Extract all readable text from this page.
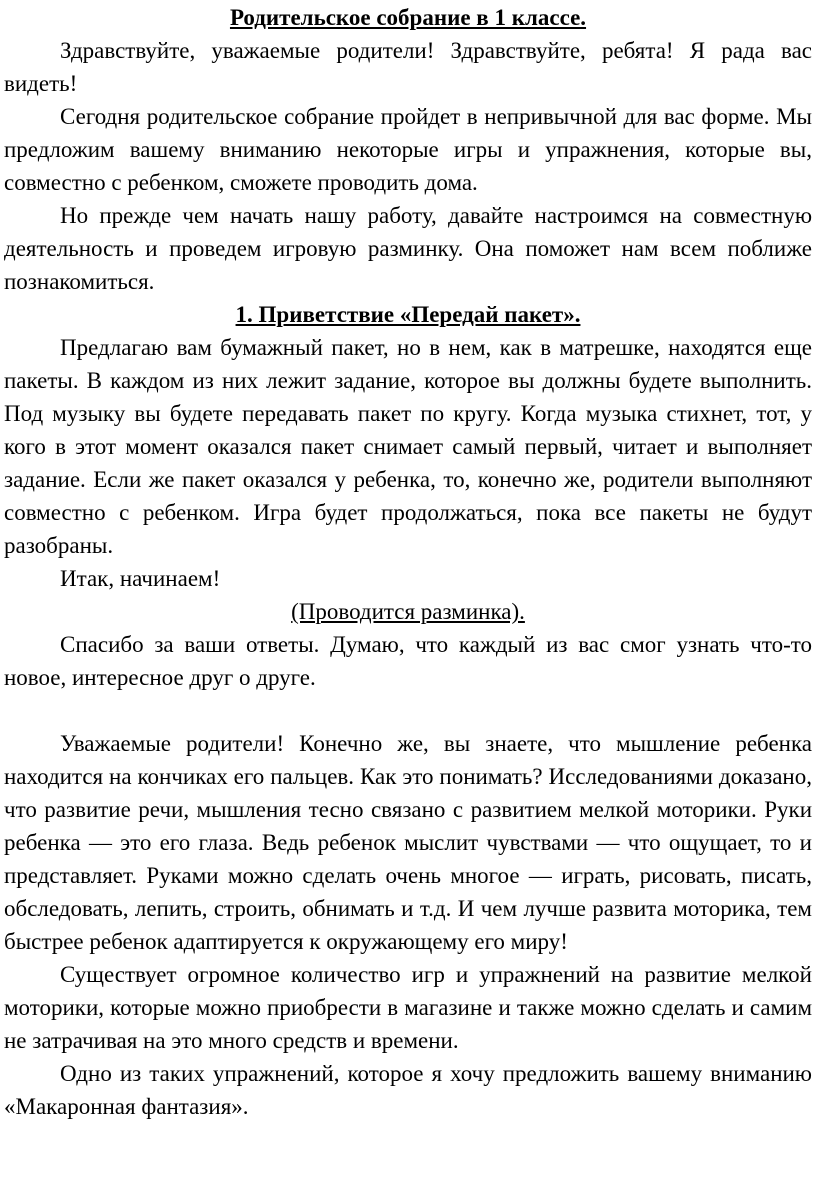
Родительское собрание в 1 классе.

Здравствуйте, уважаемые родители! Здравствуйте, ребята! Я рада вас видеть!

Сегодня родительское собрание пройдет в непривычной для вас форме. Мы предложим вашему вниманию некоторые игры и упражнения, которые вы, совместно с ребенком, сможете проводить дома.

Но прежде чем начать нашу работу, давайте настроимся на совместную деятельность и проведем игровую разминку. Она поможет нам всем поближе познакомиться.

1. Приветствие «Передай пакет».

Предлагаю вам бумажный пакет, но в нем, как в матрешке, находятся еще пакеты. В каждом из них лежит задание, которое вы должны будете выполнить. Под музыку вы будете передавать пакет по кругу. Когда музыка стихнет, тот, у кого в этот момент оказался пакет снимает самый первый, читает и выполняет задание. Если же пакет оказался у ребенка, то, конечно же, родители выполняют совместно с ребенком. Игра будет продолжаться, пока все пакеты не будут разобраны.

Итак, начинаем!

(Проводится разминка).

Спасибо за ваши ответы. Думаю, что каждый из вас смог узнать что-то новое, интересное друг о друге.

Уважаемые родители! Конечно же, вы знаете, что мышление ребенка находится на кончиках его пальцев. Как это понимать? Исследованиями доказано, что развитие речи, мышления тесно связано с развитием мелкой моторики. Руки ребенка — это его глаза. Ведь ребенок мыслит чувствами — что ощущает, то и представляет. Руками можно сделать очень многое — играть, рисовать, писать, обследовать, лепить, строить, обнимать и т.д. И чем лучше развита моторика, тем быстрее ребенок адаптируется к окружающему его миру!

Существует огромное количество игр и упражнений на развитие мелкой моторики, которые можно приобрести в магазине и также можно сделать и самим не затрачивая на это много средств и времени.

Одно из таких упражнений, которое я хочу предложить вашему вниманию «Макаронная фантазия».
